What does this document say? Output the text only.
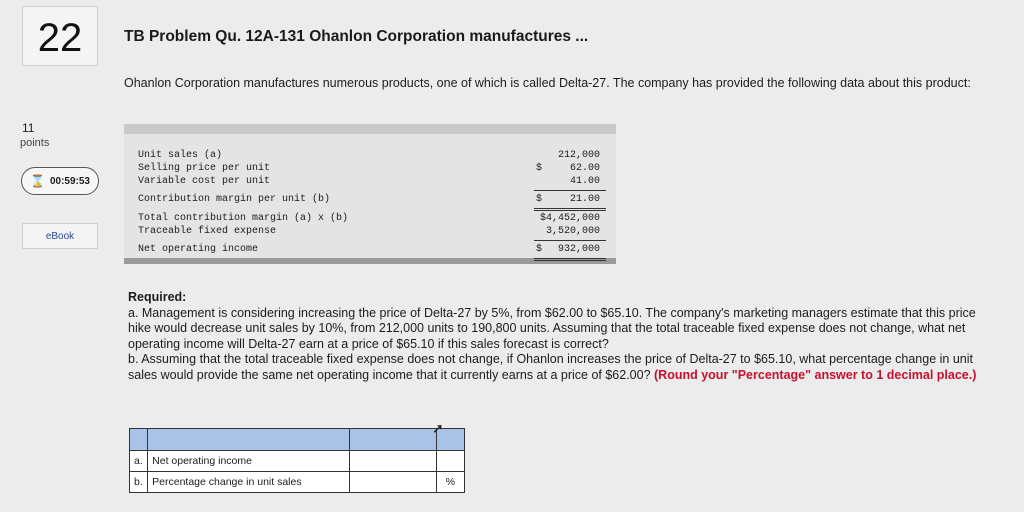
22
11
points
⌛ 00:59:53
eBook
TB Problem Qu. 12A-131 Ohanlon Corporation manufactures ...
Ohanlon Corporation manufactures numerous products, one of which is called Delta-27. The company has provided the following data about this product:
Unit sales (a)	212,000
Selling price per unit	$	62.00
Variable cost per unit	41.00
Contribution margin per unit (b)	$	21.00
Total contribution margin (a) x (b)	$4,452,000
Traceable fixed expense	3,520,000
Net operating income	$ 932,000
Required:
a. Management is considering increasing the price of Delta-27 by 5%, from $62.00 to $65.10. The company's marketing managers estimate that this price hike would decrease unit sales by 10%, from 212,000 units to 190,800 units. Assuming that the total traceable fixed expense does not change, what net operating income will Delta-27 earn at a price of $65.10 if this sales forecast is correct?
b. Assuming that the total traceable fixed expense does not change, if Ohanlon increases the price of Delta-27 to $65.10, what percentage change in unit sales would provide the same net operating income that it currently earns at a price of $62.00? (Round your "Percentage" answer to 1 decimal place.)

a.	Net operating income		
b.	Percentage change in unit sales		%
➚
